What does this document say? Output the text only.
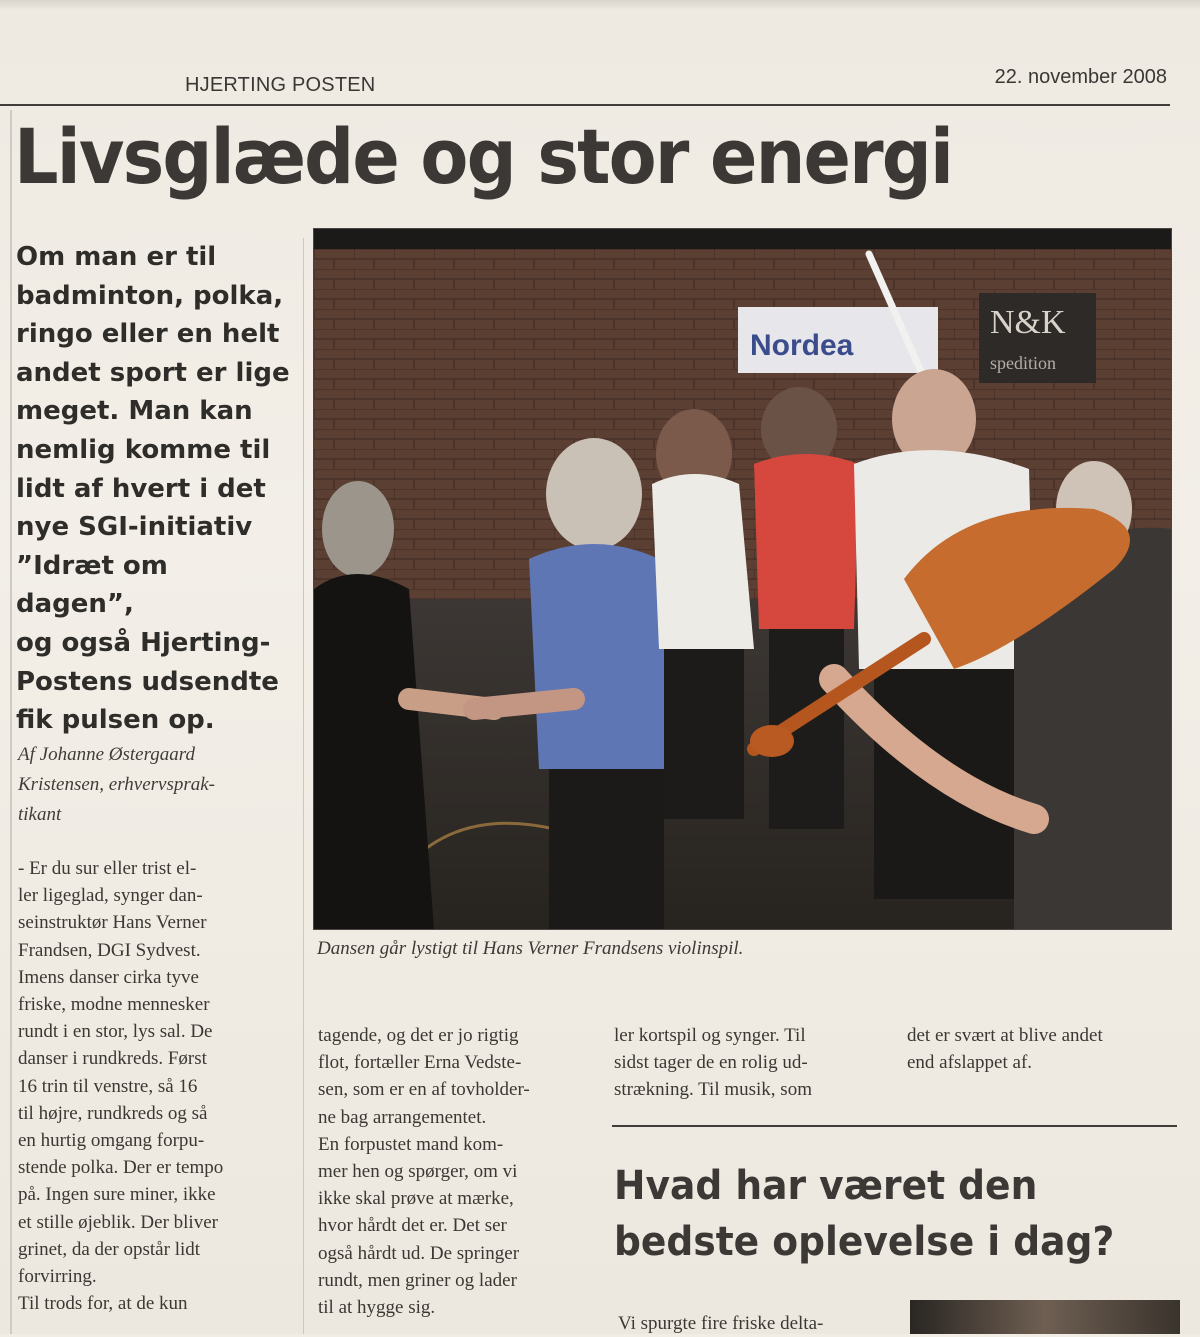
HJERTING POSTEN	22. november 2008
Livsglæde og stor energi

Om man er til
badminton, polka,
ringo eller en helt
andet sport er lige
meget. Man kan
nemlig komme til
lidt af hvert i det
nye SGI-initiativ
”Idræt om dagen”,
og også Hjerting-
Postens udsendte
fik pulsen op.

Af Johanne Østergaard
Kristensen, erhvervsprak-
tikant
- Er du sur eller trist el-
ler ligeglad, synger dan-
seinstruktør Hans Verner
Frandsen, DGI Sydvest.
Imens danser cirka tyve
friske, modne mennesker
rundt i en stor, lys sal. De
danser i rundkreds. Først
16 trin til venstre, så 16
til højre, rundkreds og så
en hurtig omgang forpu-
stende polka. Der er tempo
på. Ingen sure miner, ikke
et stille øjeblik. Der bliver
grinet, da der opstår lidt
forvirring.
Til trods for, at de kun
Nordea
N&K
spedition
Dansen går lystigt til Hans Verner Frandsens violinspil.
tagende, og det er jo rigtig
flot, fortæller Erna Vedste-
sen, som er en af tovholder-
ne bag arrangementet.
En forpustet mand kom-
mer hen og spørger, om vi
ikke skal prøve at mærke,
hvor hårdt det er. Det ser
også hårdt ud. De springer
rundt, men griner og lader
til at hygge sig.
ler kortspil og synger. Til
sidst tager de en rolig ud-
strækning. Til musik, som
det er svært at blive andet
end afslappet af.
Hvad har været den
bedste oplevelse i dag?
Vi spurgte fire friske delta-
